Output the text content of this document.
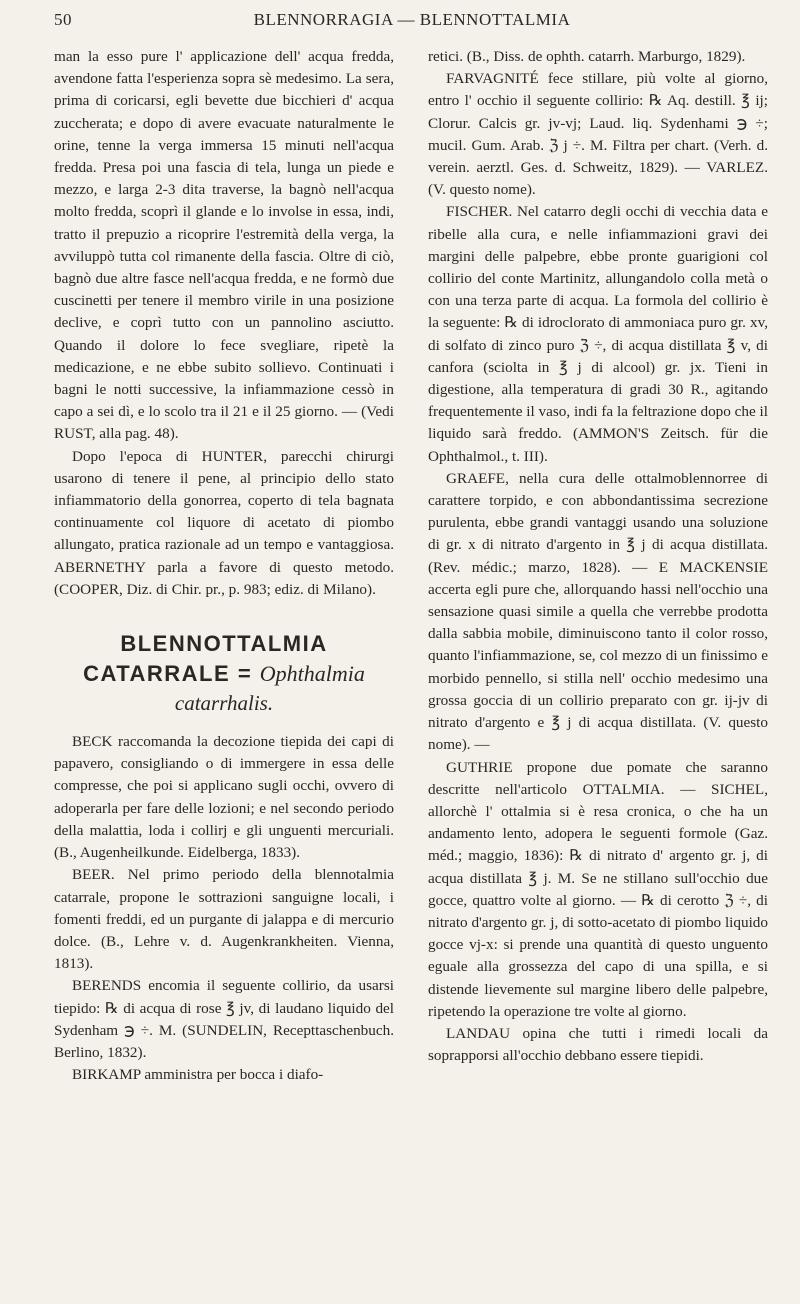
50	BLENNORRAGIA — BLENNOTTALMIA

man la esso pure l' applicazione dell' acqua fredda, avendone fatta l'esperienza sopra sè medesimo. La sera, prima di coricarsi, egli bevette due bicchieri d' acqua zuccherata; e dopo di avere evacuate naturalmente le orine, tenne la verga immersa 15 minuti nell'acqua fredda. Presa poi una fascia di tela, lunga un piede e mezzo, e larga 2-3 dita traverse, la bagnò nell'acqua molto fredda, scoprì il glande e lo involse in essa, indi, tratto il prepuzio a ricoprire l'estremità della verga, la avviluppò tutta col rimanente della fascia. Oltre di ciò, bagnò due altre fasce nell'acqua fredda, e ne formò due cuscinetti per tenere il membro virile in una posizione declive, e coprì tutto con un pannolino asciutto. Quando il dolore lo fece svegliare, ripetè la medicazione, e ne ebbe subito sollievo. Continuati i bagni le notti successive, la infiammazione cessò in capo a sei dì, e lo scolo tra il 21 e il 25 giorno. — (Vedi RUST, alla pag. 48).

Dopo l'epoca di HUNTER, parecchi chirurgi usarono di tenere il pene, al principio dello stato infiammatorio della gonorrea, coperto di tela bagnata continuamente col liquore di acetato di piombo allungato, pratica razionale ad un tempo e vantaggiosa. ABERNETHY parla a favore di questo metodo. (COOPER, Diz. di Chir. pr., p. 983; ediz. di Milano).

BLENNOTTALMIA
CATARRALE = Ophthalmia
catarrhalis.

BECK raccomanda la decozione tiepida dei capi di papavero, consigliando o di immergere in essa delle compresse, che poi si applicano sugli occhi, ovvero di adoperarla per fare delle lozioni; e nel secondo periodo della malattia, loda i collirj e gli unguenti mercuriali. (B., Augenheilkunde. Eidelberga, 1833).

BEER. Nel primo periodo della blennotalmia catarrale, propone le sottrazioni sanguigne locali, i fomenti freddi, ed un purgante di jalappa e di mercurio dolce. (B., Lehre v. d. Augenkrankheiten. Vienna, 1813).

BERENDS encomia il seguente collirio, da usarsi tiepido: ℞ di acqua di rose ℥ jv, di laudano liquido del Sydenham ℈ ÷. M. (SUNDELIN, Recepttaschenbuch. Berlino, 1832).

BIRKAMP amministra per bocca i diafo-

retici. (B., Diss. de ophth. catarrh. Marburgo, 1829).

FARVAGNITÉ fece stillare, più volte al giorno, entro l' occhio il seguente collirio: ℞ Aq. destill. ℥ ij; Clorur. Calcis gr. jv-vj; Laud. liq. Sydenhami ℈ ÷; mucil. Gum. Arab. ℨ j ÷. M. Filtra per chart. (Verh. d. verein. aerztl. Ges. d. Schweitz, 1829). — VARLEZ. (V. questo nome).

FISCHER. Nel catarro degli occhi di vecchia data e ribelle alla cura, e nelle infiammazioni gravi dei margini delle palpebre, ebbe pronte guarigioni col collirio del conte Martinitz, allungandolo colla metà o con una terza parte di acqua. La formola del collirio è la seguente: ℞ di idroclorato di ammoniaca puro gr. xv, di solfato di zinco puro ℨ ÷, di acqua distillata ℥ v, di canfora (sciolta in ℥ j di alcool) gr. jx. Tieni in digestione, alla temperatura di gradi 30 R., agitando frequentemente il vaso, indi fa la feltrazione dopo che il liquido sarà freddo. (AMMON'S Zeitsch. für die Ophthalmol., t. III).

GRAEFE, nella cura delle ottalmoblennorree di carattere torpido, e con abbondantissima secrezione purulenta, ebbe grandi vantaggi usando una soluzione di gr. x di nitrato d'argento in ℥ j di acqua distillata. (Rev. médic.; marzo, 1828). — E MACKENSIE accerta egli pure che, allorquando hassi nell'occhio una sensazione quasi simile a quella che verrebbe prodotta dalla sabbia mobile, diminuiscono tanto il color rosso, quanto l'infiammazione, se, col mezzo di un finissimo e morbido pennello, si stilla nell' occhio medesimo una grossa goccia di un collirio preparato con gr. ij-jv di nitrato d'argento e ℥ j di acqua distillata. (V. questo nome). —

GUTHRIE propone due pomate che saranno descritte nell'articolo OTTALMIA. — SICHEL, allorchè l' ottalmia si è resa cronica, o che ha un andamento lento, adopera le seguenti formole (Gaz. méd.; maggio, 1836): ℞ di nitrato d' argento gr. j, di acqua distillata ℥ j. M. Se ne stillano sull'occhio due gocce, quattro volte al giorno. — ℞ di cerotto ℨ ÷, di nitrato d'argento gr. j, di sotto-acetato di piombo liquido gocce vj-x: si prende una quantità di questo unguento eguale alla grossezza del capo di una spilla, e si distende lievemente sul margine libero delle palpebre, ripetendo la operazione tre volte al giorno.

LANDAU opina che tutti i rimedi locali da soprapporsi all'occhio debbano essere tiepidi.
